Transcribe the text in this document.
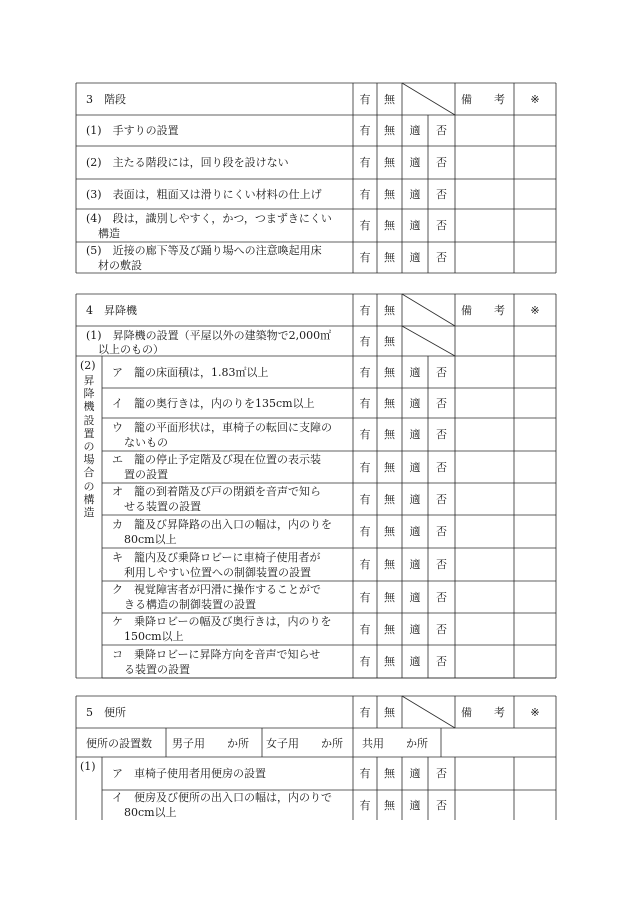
3　階段	有	無	備　　考	※
(1)　手すりの設置	有	無	適	否
(2)　主たる階段には，回り段を設けない	有	無	適	否
(3)　表面は，粗面又は滑りにくい材料の仕上げ	有	無	適	否
(4)　段は，識別しやすく，かつ，つまずきにくい
構造
有	無	適	否
(5)　近接の廊下等及び踊り場への注意喚起用床
材の敷設
有	無	適	否
4　昇降機	有	無	備　　考	※
(1)　昇降機の設置（平屋以外の建築物で2,000㎡
以上のもの）
有	無
(2)
昇降機設置の場合の構造
ア　籠の床面積は，1.83㎡以上	有	無	適	否
イ　籠の奥行きは，内のりを135cm以上	有	無	適	否
ウ　籠の平面形状は，車椅子の転回に支障の
ないもの
有	無	適	否
エ　籠の停止予定階及び現在位置の表示装
置の設置
有	無	適	否
オ　籠の到着階及び戸の閉鎖を音声で知ら
せる装置の設置
有	無	適	否
カ　籠及び昇降路の出入口の幅は，内のりを
80cm以上
有	無	適	否
キ　籠内及び乗降ロビーに車椅子使用者が
利用しやすい位置への制御装置の設置
有	無	適	否
ク　視覚障害者が円滑に操作することがで
きる構造の制御装置の設置
有	無	適	否
ケ　乗降ロビーの幅及び奥行きは，内のりを
150cm以上
有	無	適	否
コ　乗降ロビーに昇降方向を音声で知らせ
る装置の設置
有	無	適	否
5　便所	有	無	備　　考	※
便所の設置数 男子用　　か所 女子用　　か所 共用　　か所
(1)
ア　車椅子使用者用便房の設置	有	無	適	否
イ　便房及び便所の出入口の幅は，内のりで
80cm以上
有	無	適	否
